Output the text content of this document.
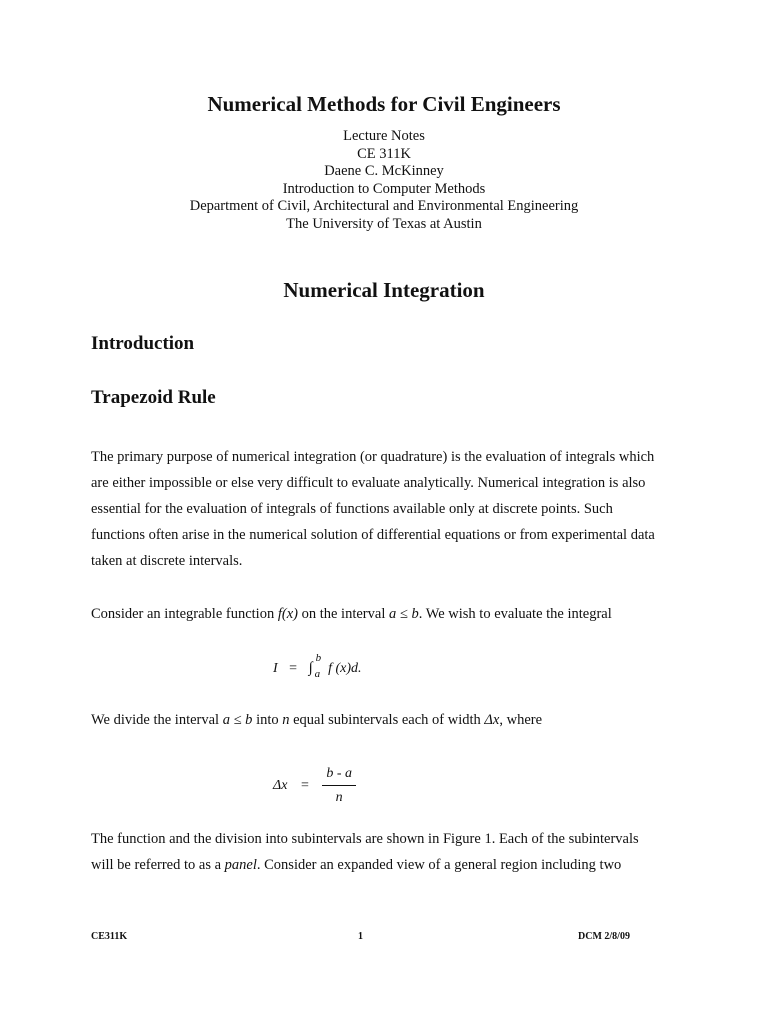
Numerical Methods for Civil Engineers
Lecture Notes
CE 311K
Daene C. McKinney
Introduction to Computer Methods
Department of Civil, Architectural and Environmental Engineering
The University of Texas at Austin
Numerical Integration
Introduction
Trapezoid Rule
The primary purpose of numerical integration (or quadrature) is the evaluation of integrals which
are either impossible or else very difficult to evaluate analytically. Numerical integration is also
essential for the evaluation of integrals of functions available only at discrete points. Such
functions often arise in the numerical solution of differential equations or from experimental data
taken at discrete intervals.
Consider an integrable function f(x) on the interval a ≤ b. We wish to evaluate the integral
I = ∫
b
a f (x)d.
We divide the interval a ≤ b into n equal subintervals each of width Δx, where
$\Delta x = \frac{b - a}{n}$
The function and the division into subintervals are shown in Figure 1. Each of the subintervals
will be referred to as a panel. Consider an expanded view of a general region including two
CE311K	1	DCM 2/8/09
